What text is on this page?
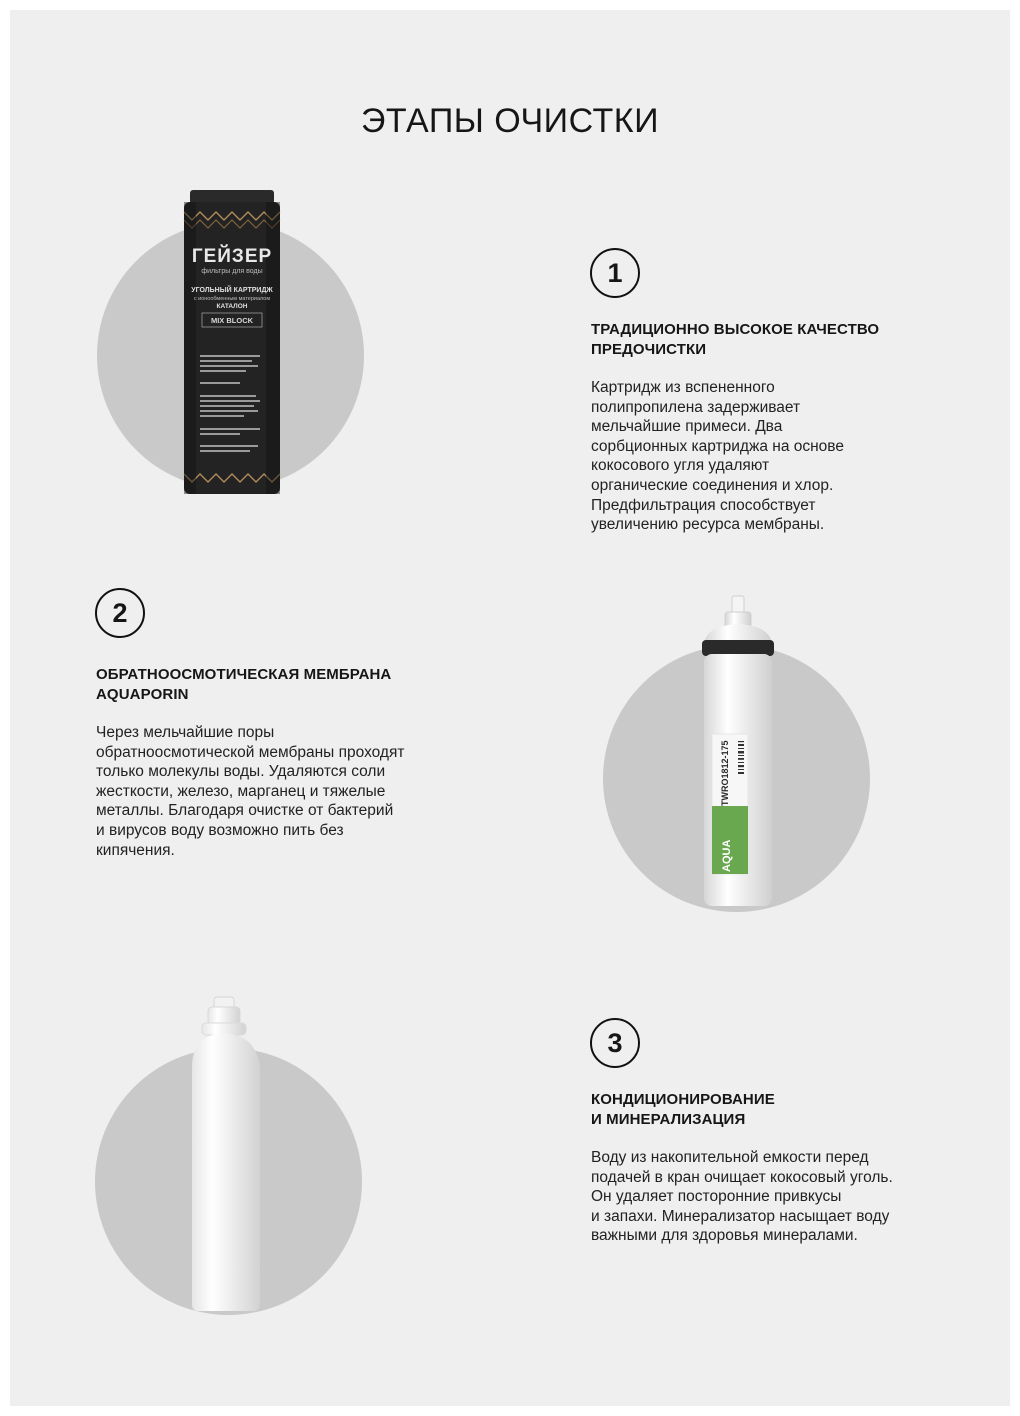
ЭТАПЫ ОЧИСТКИ
ГЕЙЗЕР
фильтры для воды
УГОЛЬНЫЙ КАРТРИДЖ
с ионообменным материалом
КАТАЛОН
MIX BLOCK
1
ТРАДИЦИОННО ВЫСОКОЕ КАЧЕСТВО
ПРЕДОЧИСТКИ

Картридж из вспененного
полипропилена задерживает
мельчайшие примеси. Два
сорбционных картриджа на основе
кокосового угля удаляют
органические соединения и хлор.
Предфильтрация способствует
увеличению ресурса мембраны.

2
ОБРАТНООСМОТИЧЕСКАЯ МЕМБРАНА
AQUAPORIN

Через мельчайшие поры
обратноосмотической мембраны проходят
только молекулы воды. Удаляются соли
жесткости, железо, марганец и тяжелые
металлы. Благодаря очистке от бактерий
и вирусов воду возможно пить без
кипячения.

TWRO1812-175
AQUA
3
КОНДИЦИОНИРОВАНИЕ
И МИНЕРАЛИЗАЦИЯ

Воду из накопительной емкости перед
подачей в кран очищает кокосовый уголь.
Он удаляет посторонние привкусы
и запахи. Минерализатор насыщает воду
важными для здоровья минералами.
